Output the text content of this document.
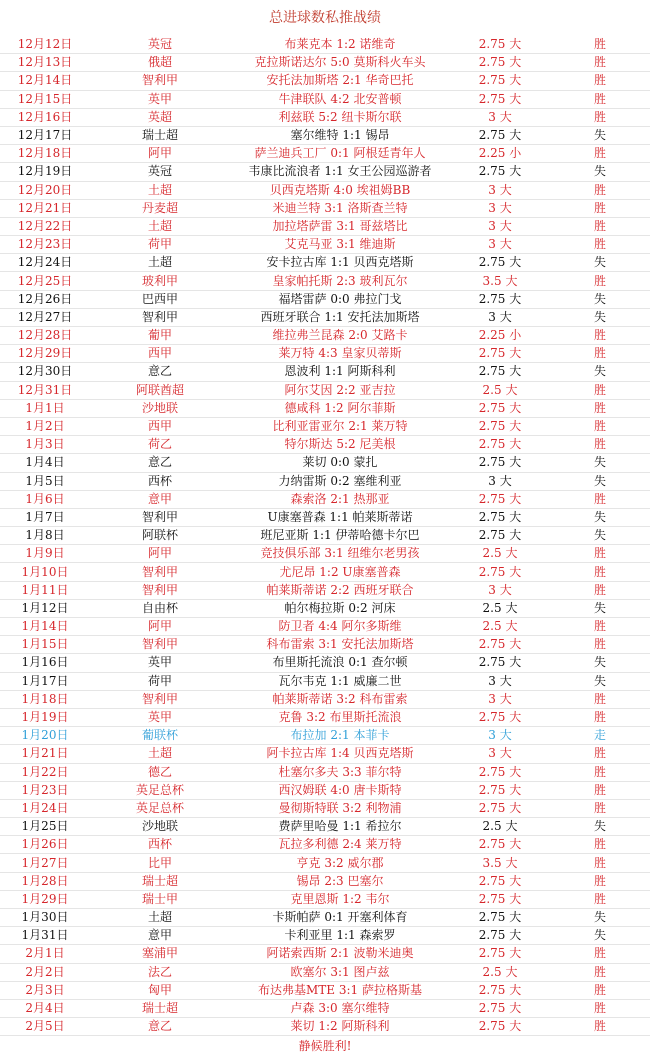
总进球数私推战绩
12月12日	英冠	布莱克本 1:2 诺维奇	2.75 大	胜
12月13日	俄超	克拉斯诺达尔 5:0 莫斯科火车头	2.75 大	胜
12月14日	智利甲	安托法加斯塔 2:1 华奇巴托	2.75 大	胜
12月15日	英甲	牛津联队 4:2 北安普顿	2.75 大	胜
12月16日	英超	利兹联 5:2 纽卡斯尔联	3 大	胜
12月17日	瑞士超	塞尔维特 1:1 锡昂	2.75 大	失
12月18日	阿甲	萨兰迪兵工厂 0:1 阿根廷青年人	2.25 小	胜
12月19日	英冠	韦康比流浪者 1:1 女王公园巡游者	2.75 大	失
12月20日	土超	贝西克塔斯 4:0 埃祖姆BB	3 大	胜
12月21日	丹麦超	米迪兰特 3:1 洛斯查兰特	3 大	胜
12月22日	土超	加拉塔萨雷 3:1 哥兹塔比	3 大	胜
12月23日	荷甲	艾克马亚 3:1 维迪斯	3 大	胜
12月24日	土超	安卡拉古库 1:1 贝西克塔斯	2.75 大	失
12月25日	玻利甲	皇家帕托斯 2:3 玻利瓦尔	3.5 大	胜
12月26日	巴西甲	福塔雷萨 0:0 弗拉门戈	2.75 大	失
12月27日	智利甲	西班牙联合 1:1 安托法加斯塔	3 大	失
12月28日	葡甲	维拉弗兰昆森 2:0 艾路卡	2.25 小	胜
12月29日	西甲	莱万特 4:3 皇家贝蒂斯	2.75 大	胜
12月30日	意乙	恩波利 1:1 阿斯科利	2.75 大	失
12月31日	阿联酋超	阿尔艾因 2:2 亚吉拉	2.5 大	胜
1月1日	沙地联	德咸科 1:2 阿尔菲斯	2.75 大	胜
1月2日	西甲	比利亚雷亚尔 2:1 莱万特	2.75 大	胜
1月3日	荷乙	特尔斯达 5:2 尼美根	2.75 大	胜
1月4日	意乙	莱切 0:0 蒙扎	2.75 大	失
1月5日	西杯	力纳雷斯 0:2 塞维利亚	3 大	失
1月6日	意甲	森索洛 2:1 热那亚	2.75 大	胜
1月7日	智利甲	U康塞普森 1:1 帕莱斯蒂诺	2.75 大	失
1月8日	阿联杯	班尼亚斯 1:1 伊蒂哈德卡尔巴	2.75 大	失
1月9日	阿甲	竞技俱乐部 3:1 纽维尔老男孩	2.5 大	胜
1月10日	智利甲	尤尼昂 1:2 U康塞普森	2.75 大	胜
1月11日	智利甲	帕莱斯蒂诺 2:2 西班牙联合	3 大	胜
1月12日	自由杯	帕尔梅拉斯 0:2 河床	2.5 大	失
1月14日	阿甲	防卫者 4:4 阿尔多斯维	2.5 大	胜
1月15日	智利甲	科布雷索 3:1 安托法加斯塔	2.75 大	胜
1月16日	英甲	布里斯托流浪 0:1 查尔顿	2.75 大	失
1月17日	荷甲	瓦尔韦克 1:1 威廉二世	3 大	失
1月18日	智利甲	帕莱斯蒂诺 3:2 科布雷索	3 大	胜
1月19日	英甲	克鲁 3:2 布里斯托流浪	2.75 大	胜
1月20日	葡联杯	布拉加 2:1 本菲卡	3 大	走
1月21日	土超	阿卡拉古库 1:4 贝西克塔斯	3 大	胜
1月22日	德乙	杜塞尔多夫 3:3 菲尔特	2.75 大	胜
1月23日	英足总杯	西汉姆联 4:0 唐卡斯特	2.75 大	胜
1月24日	英足总杯	曼彻斯特联 3:2 利物浦	2.75 大	胜
1月25日	沙地联	费萨里哈曼 1:1 希拉尔	2.5 大	失
1月26日	西杯	瓦拉多利德 2:4 莱万特	2.75 大	胜
1月27日	比甲	亨克 3:2 威尔郡	3.5 大	胜
1月28日	瑞士超	锡昂 2:3 巴塞尔	2.75 大	胜
1月29日	瑞士甲	克里恩斯 1:2 韦尔	2.75 大	胜
1月30日	土超	卡斯帕萨 0:1 开塞利体育	2.75 大	失
1月31日	意甲	卡利亚里 1:1 森索罗	2.75 大	失
2月1日	塞浦甲	阿诺索西斯 2:1 波勒米迪奥	2.75 大	胜
2月2日	法乙	欧塞尔 3:1 图卢兹	2.5 大	胜
2月3日	匈甲	布达弗基MTE 3:1 萨拉格斯基	2.75 大	胜
2月4日	瑞士超	卢森 3:0 塞尔维特	2.75 大	胜
2月5日	意乙	莱切 1:2 阿斯科利	2.75 大	胜
静候胜利!
